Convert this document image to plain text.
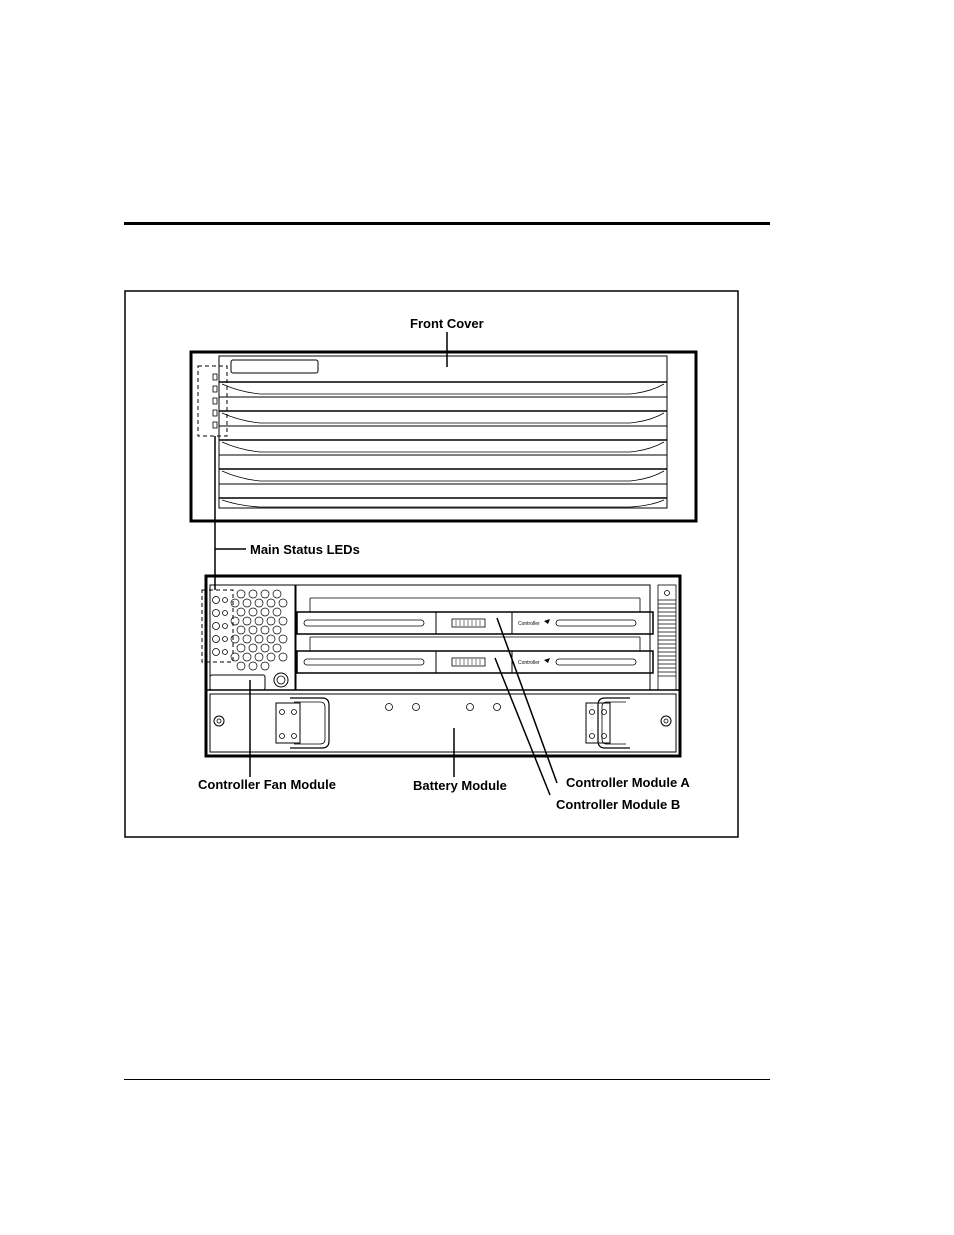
Controller
Controller
Front Cover
Main Status LEDs
Controller Fan Module	Battery Module	Controller Module A
Controller Module B
